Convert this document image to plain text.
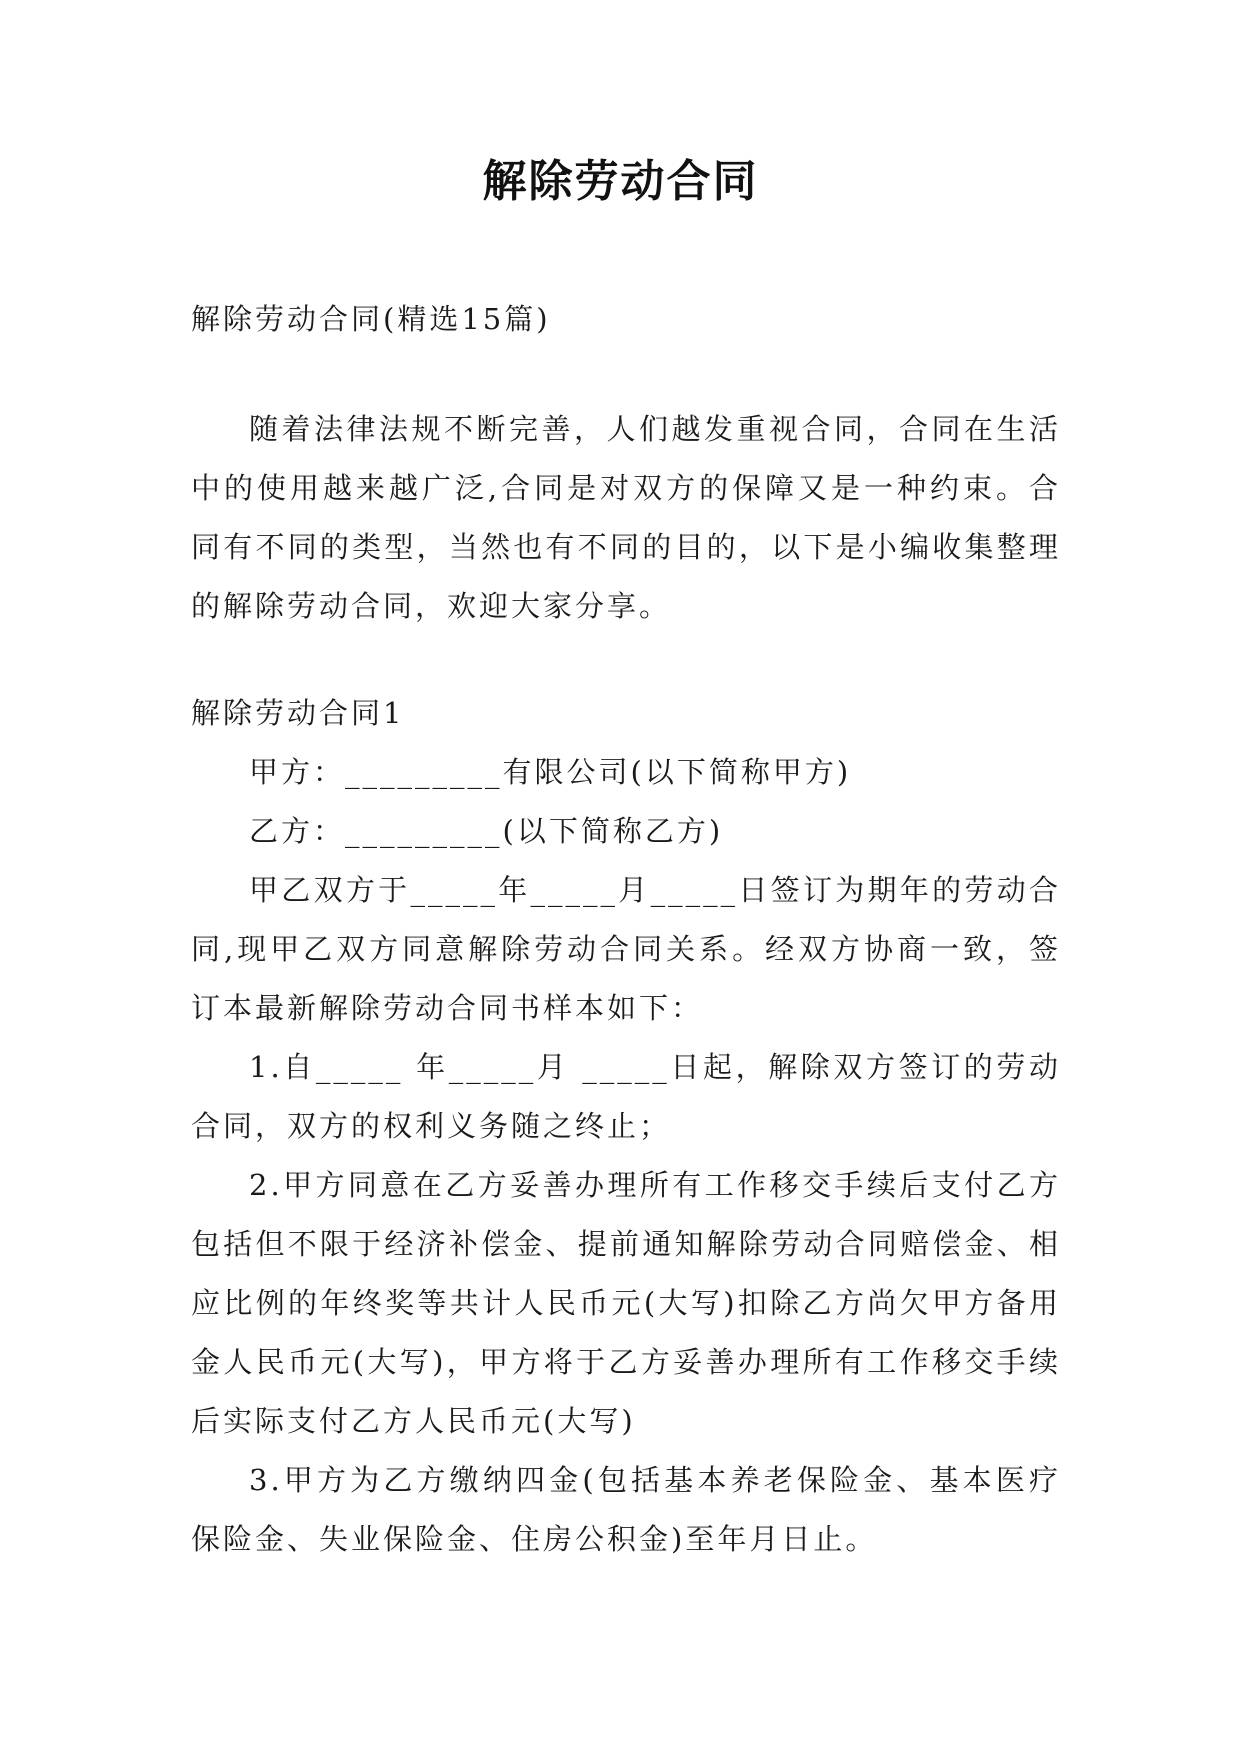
解除劳动合同

解除劳动合同(精选15篇)

随着法律法规不断完善，人们越发重视合同，合同在生活中的使用越来越广泛,合同是对双方的保障又是一种约束。合同有不同的类型，当然也有不同的目的，以下是小编收集整理的解除劳动合同，欢迎大家分享。

解除劳动合同1

甲方：_________有限公司(以下简称甲方)

乙方：_________(以下简称乙方)

甲乙双方于_____年_____月_____日签订为期年的劳动合同,现甲乙双方同意解除劳动合同关系。经双方协商一致，签订本最新解除劳动合同书样本如下：

1.自_____ 年_____月 _____日起，解除双方签订的劳动合同，双方的权利义务随之终止；

2.甲方同意在乙方妥善办理所有工作移交手续后支付乙方包括但不限于经济补偿金、提前通知解除劳动合同赔偿金、相应比例的年终奖等共计人民币元(大写)扣除乙方尚欠甲方备用金人民币元(大写)，甲方将于乙方妥善办理所有工作移交手续后实际支付乙方人民币元(大写)

3.甲方为乙方缴纳四金(包括基本养老保险金、基本医疗保险金、失业保险金、住房公积金)至年月日止。
